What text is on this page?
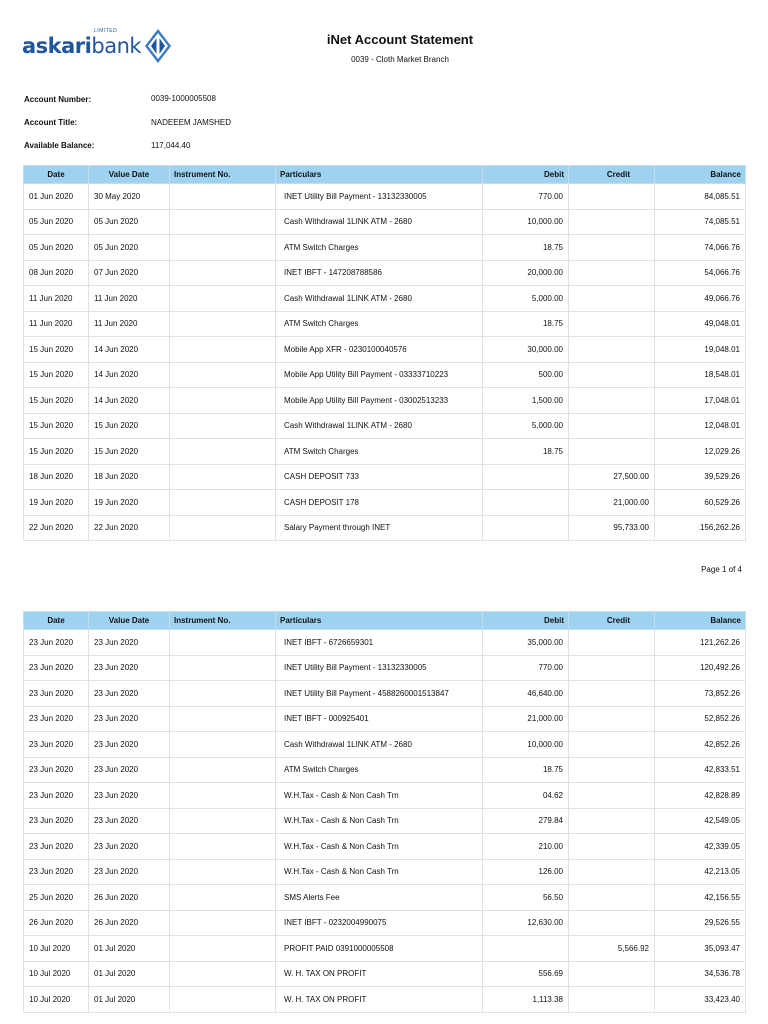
askaribank
LIMITED
iNet Account Statement
0039 - Cloth Market Branch
Account Number:	0039-1000005508
Account Title:	NADEEEM JAMSHED
Available Balance:	117,044.40
Date	Value Date	Instrument No.	Particulars	Debit	Credit	Balance
01 Jun 2020	30 May 2020		INET Utility Bill Payment - 13132330005	770.00		84,085.51
05 Jun 2020	05 Jun 2020		Cash Withdrawal 1LINK ATM - 2680	10,000.00		74,085.51
05 Jun 2020	05 Jun 2020		ATM Switch Charges	18.75		74,066.76
08 Jun 2020	07 Jun 2020		INET IBFT - 147208788586	20,000.00		54,066.76
11 Jun 2020	11 Jun 2020		Cash Withdrawal 1LINK ATM - 2680	5,000.00		49,066.76
11 Jun 2020	11 Jun 2020		ATM Switch Charges	18.75		49,048.01
15 Jun 2020	14 Jun 2020		Mobile App XFR - 0230100040576	30,000.00		19,048.01
15 Jun 2020	14 Jun 2020		Mobile App Utility Bill Payment - 03333710223	500.00		18,548.01
15 Jun 2020	14 Jun 2020		Mobile App Utility Bill Payment - 03002513233	1,500.00		17,048.01
15 Jun 2020	15 Jun 2020		Cash Withdrawal 1LINK ATM - 2680	5,000.00		12,048.01
15 Jun 2020	15 Jun 2020		ATM Switch Charges	18.75		12,029.26
18 Jun 2020	18 Jun 2020		CASH DEPOSIT 733		27,500.00	39,529.26
19 Jun 2020	19 Jun 2020		CASH DEPOSIT 178		21,000.00	60,529.26
22 Jun 2020	22 Jun 2020		Salary Payment through INET		95,733.00	156,262.26
Page 1 of 4
Date	Value Date	Instrument No.	Particulars	Debit	Credit	Balance
23 Jun 2020	23 Jun 2020		INET IBFT - 6726659301	35,000.00		121,262.26
23 Jun 2020	23 Jun 2020		INET Utility Bill Payment - 13132330005	770.00		120,492.26
23 Jun 2020	23 Jun 2020		INET Utility Bill Payment - 4588260001513847	46,640.00		73,852.26
23 Jun 2020	23 Jun 2020		INET IBFT - 000925401	21,000.00		52,852.26
23 Jun 2020	23 Jun 2020		Cash Withdrawal 1LINK ATM - 2680	10,000.00		42,852.26
23 Jun 2020	23 Jun 2020		ATM Switch Charges	18.75		42,833.51
23 Jun 2020	23 Jun 2020		W.H.Tax - Cash & Non Cash Trn	04.62		42,828.89
23 Jun 2020	23 Jun 2020		W.H.Tax - Cash & Non Cash Trn	279.84		42,549.05
23 Jun 2020	23 Jun 2020		W.H.Tax - Cash & Non Cash Trn	210.00		42,339.05
23 Jun 2020	23 Jun 2020		W.H.Tax - Cash & Non Cash Trn	126.00		42,213.05
25 Jun 2020	26 Jun 2020		SMS Alerts Fee	56.50		42,156.55
26 Jun 2020	26 Jun 2020		INET IBFT - 0232004990075	12,630.00		29,526.55
10 Jul 2020	01 Jul 2020		PROFIT PAID 0391000005508		5,566.92	35,093.47
10 Jul 2020	01 Jul 2020		W. H. TAX ON PROFIT	556.69		34,536.78
10 Jul 2020	01 Jul 2020		W. H. TAX ON PROFIT	1,113.38		33,423.40
